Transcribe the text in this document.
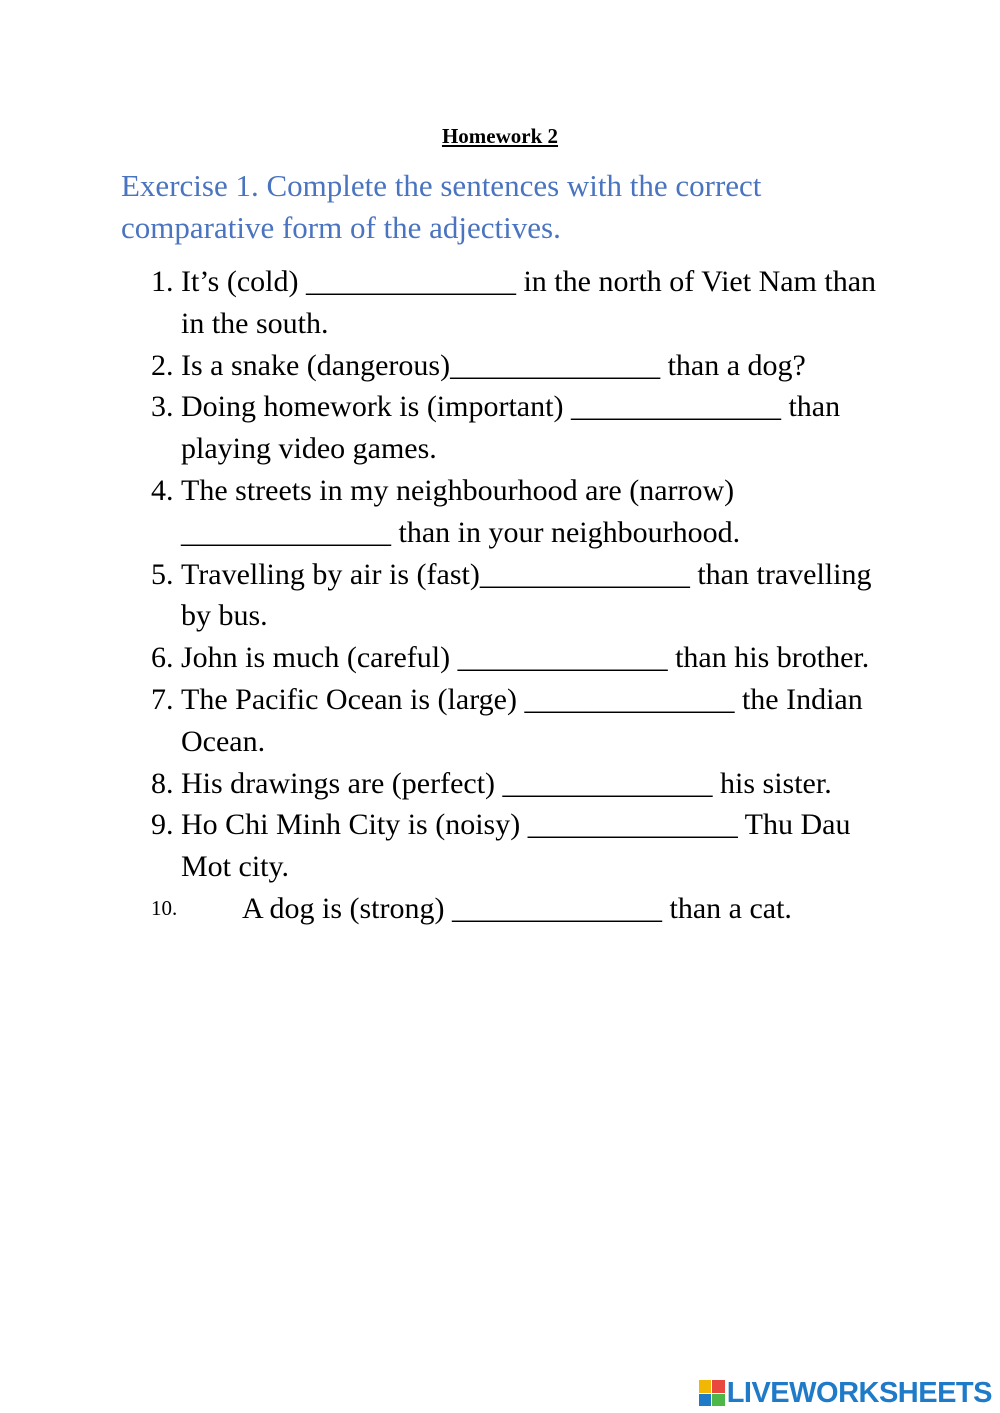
Homework 2
Exercise 1. Complete the sentences with the correct comparative form of the adjectives.
1. It’s (cold) ______________ in the north of Viet Nam than in the south.
2. Is a snake (dangerous)______________ than a dog?
3. Doing homework is (important) ______________ than playing video games.
4. The streets in my neighbourhood are (narrow) ______________ than in your neighbourhood.
5. Travelling by air is (fast)______________ than travelling by bus.
6. John is much (careful) ______________ than his brother.
7. The Pacific Ocean is (large) ______________ the Indian Ocean.
8. His drawings are (perfect) ______________ his sister.
9. Ho Chi Minh City is (noisy) ______________ Thu Dau Mot city.
10. A dog is (strong) ______________ than a cat.
LIVEWORKSHEETS
